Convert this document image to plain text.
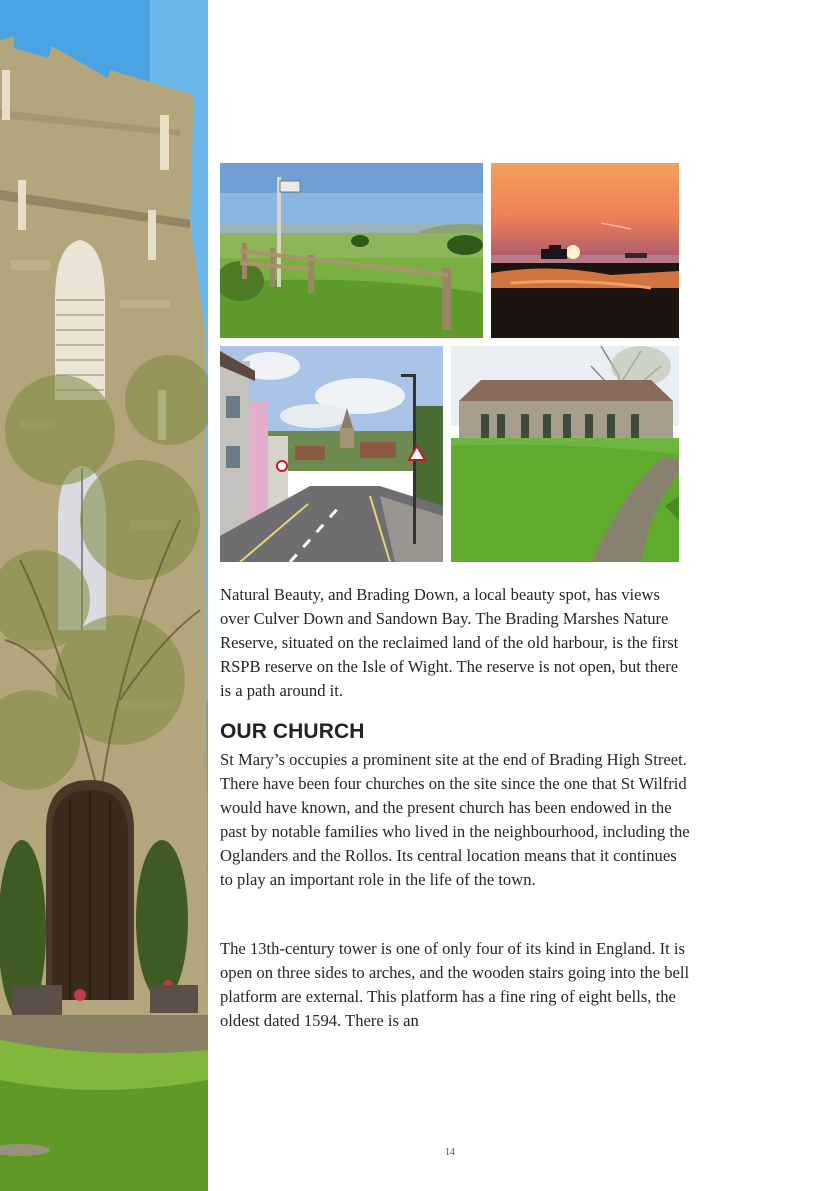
Natural Beauty, and Brading Down, a local beauty spot, has views over Culver Down and Sandown Bay. The Brading Marshes Nature Reserve, situated on the reclaimed land of the old harbour, is the first RSPB reserve on the Isle of Wight. The reserve is not open, but there is a path around it.

OUR CHURCH

St Mary’s occupies a prominent site at the end of Brading High Street. There have been four churches on the site since the one that St Wilfrid would have known, and the present church has been endowed in the past by notable families who lived in the neighbourhood, including the Oglanders and the Rollos. Its central location means that it continues to play an important role in the life of the town.

The 13th-century tower is one of only four of its kind in England. It is open on three sides to arches, and the wooden stairs going into the bell platform are external. This platform has a fine ring of eight bells, the oldest dated 1594. There is an

14
